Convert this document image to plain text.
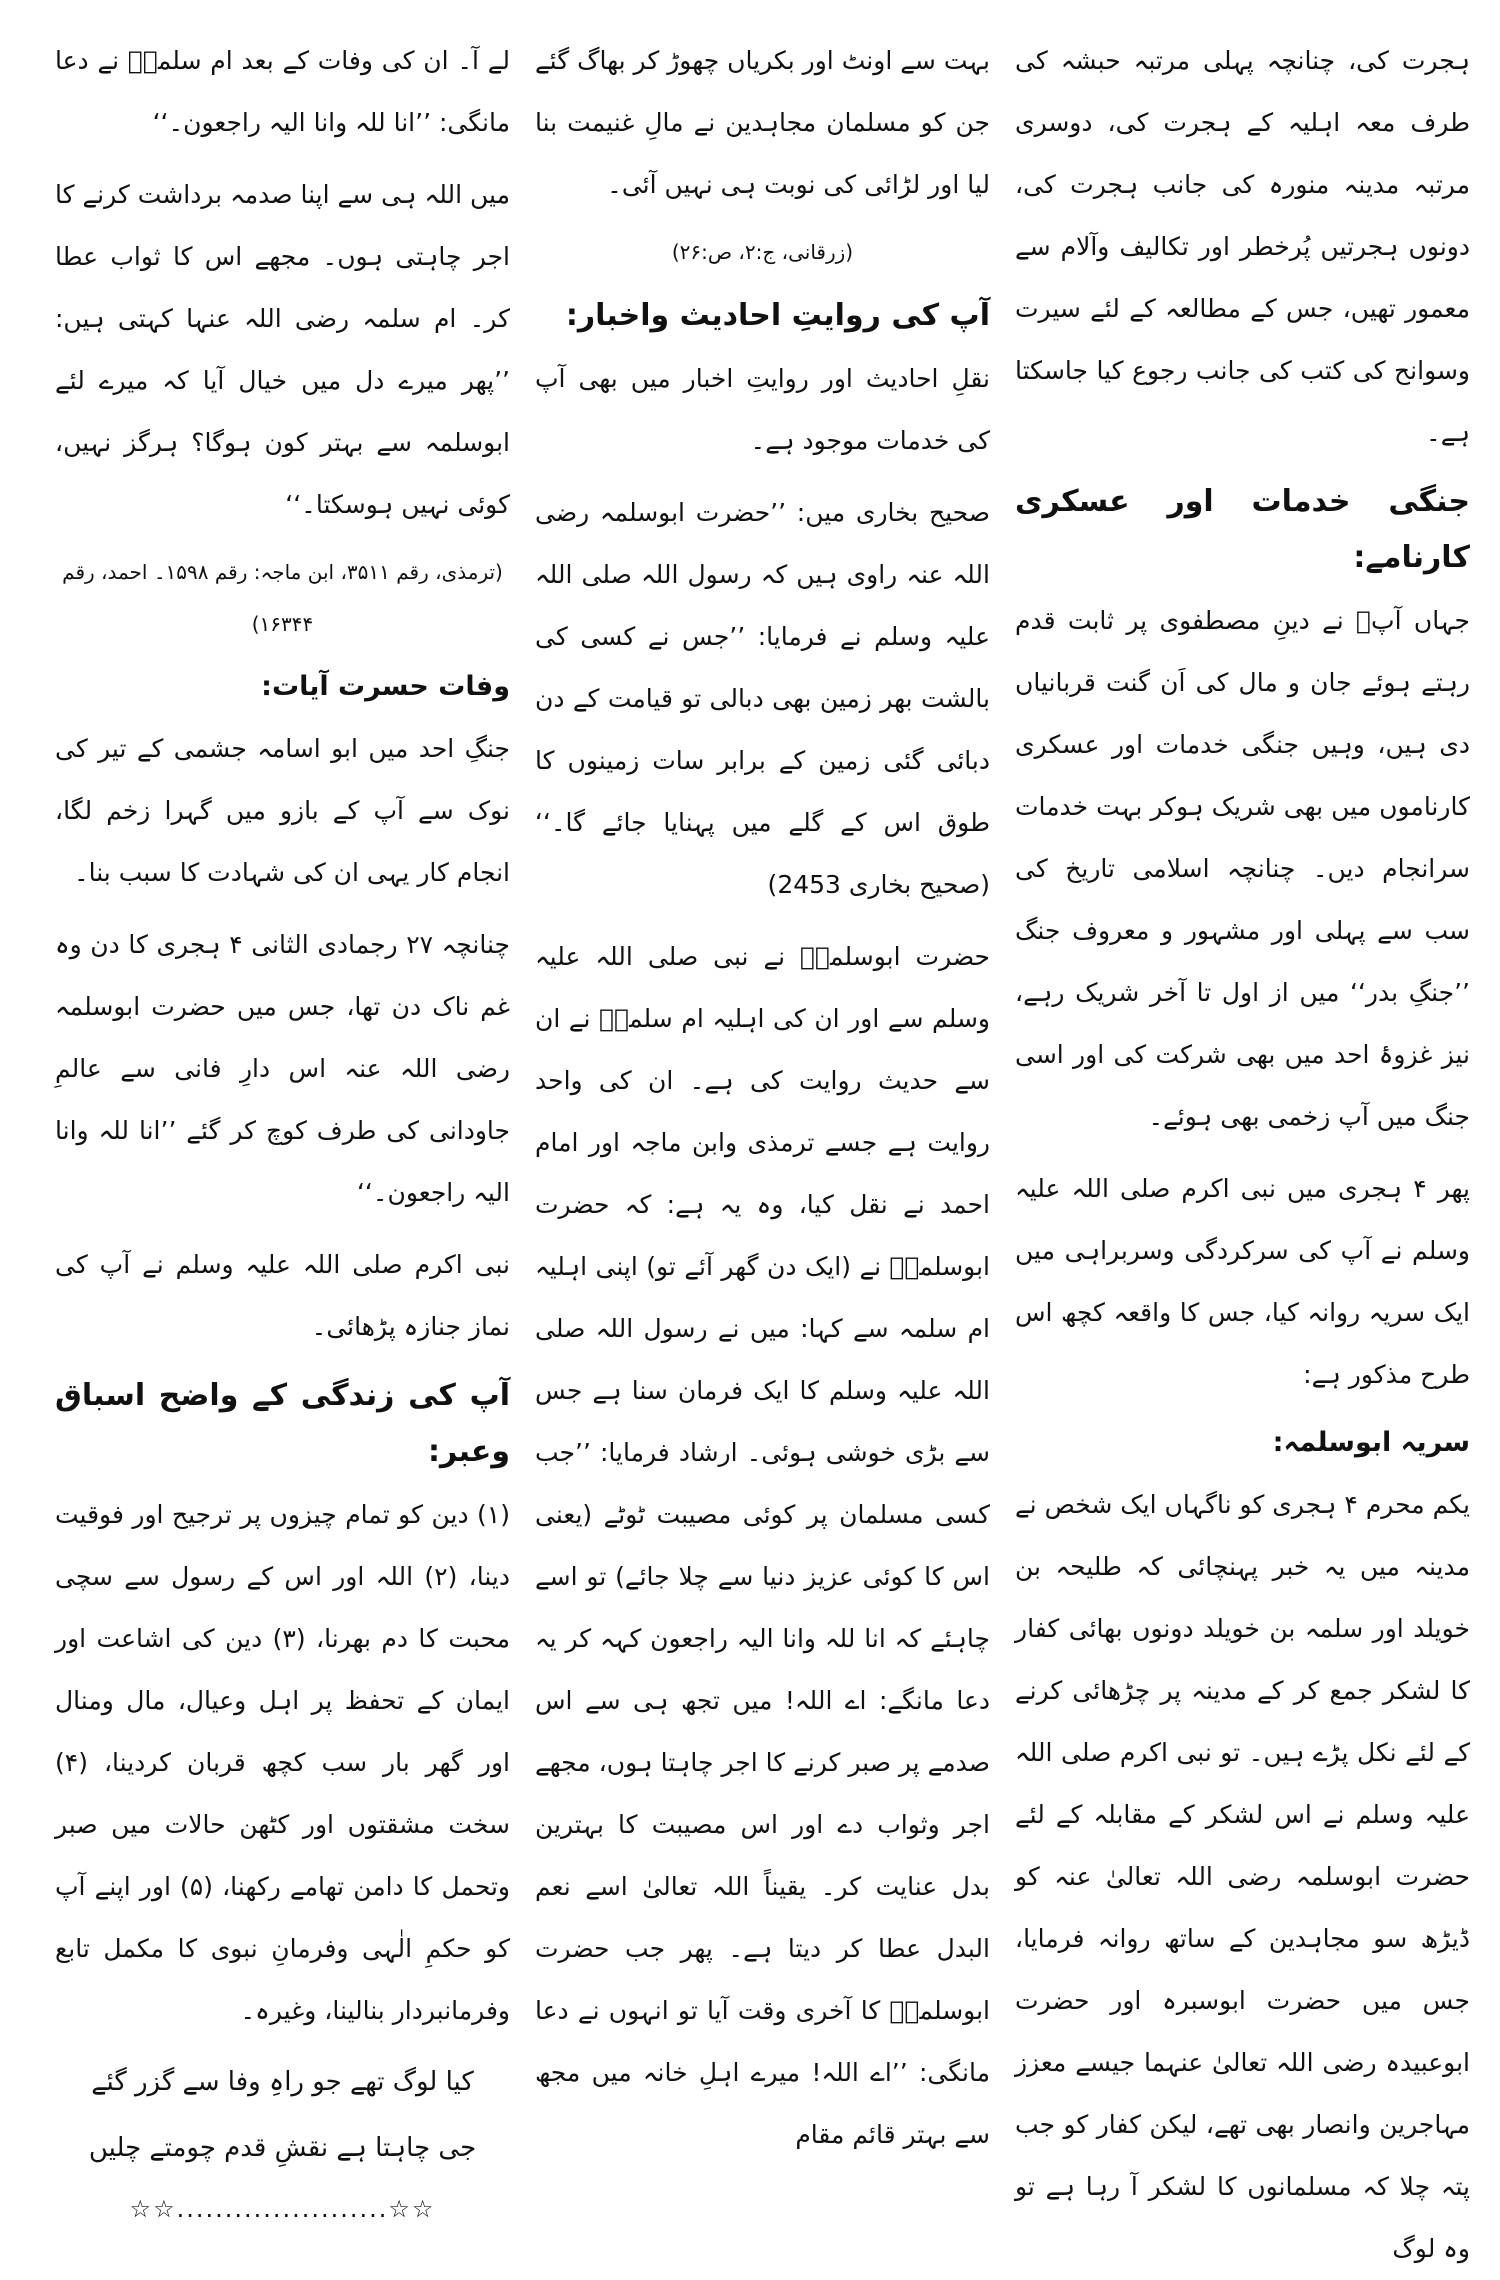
ہجرت کی، چنانچہ پہلی مرتبہ حبشہ کی طرف معہ اہلیہ کے ہجرت کی، دوسری مرتبہ مدینہ منورہ کی جانب ہجرت کی، دونوں ہجرتیں پُرخطر اور تکالیف وآلام سے معمور تھیں، جس کے مطالعہ کے لئے سیرت وسوانح کی کتب کی جانب رجوع کیا جاسکتا ہے۔

جنگی خدمات اور عسکری کارنامے:

جہاں آپؓ نے دینِ مصطفوی پر ثابت قدم رہتے ہوئے جان و مال کی اَن گنت قربانیاں دی ہیں، وہیں جنگی خدمات اور عسکری کارناموں میں بھی شریک ہوکر بہت خدمات سرانجام دیں۔ چنانچہ اسلامی تاریخ کی سب سے پہلی اور مشہور و معروف جنگ ’’جنگِ بدر‘‘ میں از اول تا آخر شریک رہے، نیز غزوۂ احد میں بھی شرکت کی اور اسی جنگ میں آپ زخمی بھی ہوئے۔

پھر ۴ ہجری میں نبی اکرم صلی اللہ علیہ وسلم نے آپ کی سرکردگی وسربراہی میں ایک سریہ روانہ کیا، جس کا واقعہ کچھ اس طرح مذکور ہے:

سریہ ابوسلمہ:

یکم محرم ۴ ہجری کو ناگہاں ایک شخص نے مدینہ میں یہ خبر پہنچائی کہ طلیحہ بن خویلد اور سلمہ بن خویلد دونوں بھائی کفار کا لشکر جمع کر کے مدینہ پر چڑھائی کرنے کے لئے نکل پڑے ہیں۔ تو نبی اکرم صلی اللہ علیہ وسلم نے اس لشکر کے مقابلہ کے لئے حضرت ابوسلمہ رضی اللہ تعالیٰ عنہ کو ڈیڑھ سو مجاہدین کے ساتھ روانہ فرمایا، جس میں حضرت ابوسبرہ اور حضرت ابوعبیدہ رضی اللہ تعالیٰ عنہما جیسے معزز مہاجرین وانصار بھی تھے، لیکن کفار کو جب پتہ چلا کہ مسلمانوں کا لشکر آ رہا ہے تو وہ لوگ

بہت سے اونٹ اور بکریاں چھوڑ کر بھاگ گئے جن کو مسلمان مجاہدین نے مالِ غنیمت بنا لیا اور لڑائی کی نوبت ہی نہیں آئی۔

(زرقانی، ج:۲، ص:۲۶)

آپ کی روایتِ احادیث واخبار:

نقلِ احادیث اور روایتِ اخبار میں بھی آپ کی خدمات موجود ہے۔

صحیح بخاری میں: ’’حضرت ابوسلمہ رضی اللہ عنہ راوی ہیں کہ رسول اللہ صلی اللہ علیہ وسلم نے فرمایا: ’’جس نے کسی کی بالشت بھر زمین بھی دبالی تو قیامت کے دن دبائی گئی زمین کے برابر سات زمینوں کا طوق اس کے گلے میں پہنایا جائے گا۔‘‘ (صحیح بخاری 2453)

حضرت ابوسلمہؓ نے نبی صلی اللہ علیہ وسلم سے اور ان کی اہلیہ ام سلمہؓ نے ان سے حدیث روایت کی ہے۔ ان کی واحد روایت ہے جسے ترمذی وابن ماجہ اور امام احمد نے نقل کیا، وہ یہ ہے: کہ حضرت ابوسلمہؓ نے (ایک دن گھر آئے تو) اپنی اہلیہ ام سلمہ سے کہا: میں نے رسول اللہ صلی اللہ علیہ وسلم کا ایک فرمان سنا ہے جس سے بڑی خوشی ہوئی۔ ارشاد فرمایا: ’’جب کسی مسلمان پر کوئی مصیبت ٹوٹے (یعنی اس کا کوئی عزیز دنیا سے چلا جائے) تو اسے چاہئے کہ انا للہ وانا الیہ راجعون کہہ کر یہ دعا مانگے: اے اللہ! میں تجھ ہی سے اس صدمے پر صبر کرنے کا اجر چاہتا ہوں، مجھے اجر وثواب دے اور اس مصیبت کا بہترین بدل عنایت کر۔ یقیناً اللہ تعالیٰ اسے نعم البدل عطا کر دیتا ہے۔ پھر جب حضرت ابوسلمہؓ کا آخری وقت آیا تو انہوں نے دعا مانگی: ’’اے اللہ! میرے اہلِ خانہ میں مجھ سے بہتر قائم مقام

لے آ۔ ان کی وفات کے بعد ام سلمہؓ نے دعا مانگی: ’’انا للہ وانا الیہ راجعون۔‘‘

میں اللہ ہی سے اپنا صدمہ برداشت کرنے کا اجر چاہتی ہوں۔ مجھے اس کا ثواب عطا کر۔ ام سلمہ رضی اللہ عنہا کہتی ہیں: ’’پھر میرے دل میں خیال آیا کہ میرے لئے ابوسلمہ سے بہتر کون ہوگا؟ ہرگز نہیں، کوئی نہیں ہوسکتا۔‘‘

(ترمذی، رقم ۳۵۱۱، ابن ماجہ: رقم ۱۵۹۸۔ احمد، رقم ۱۶۳۴۴)

وفات حسرت آیات:

جنگِ احد میں ابو اسامہ جشمی کے تیر کی نوک سے آپ کے بازو میں گہرا زخم لگا، انجام کار یہی ان کی شہادت کا سبب بنا۔

چنانچہ ۲۷ رجمادی الثانی ۴ ہجری کا دن وہ غم ناک دن تھا، جس میں حضرت ابوسلمہ رضی اللہ عنہ اس دارِ فانی سے عالمِ جاودانی کی طرف کوچ کر گئے ’’انا للہ وانا الیہ راجعون۔‘‘

نبی اکرم صلی اللہ علیہ وسلم نے آپ کی نماز جنازہ پڑھائی۔

آپ کی زندگی کے واضح اسباق وعبر:

(۱) دین کو تمام چیزوں پر ترجیح اور فوقیت دینا، (۲) اللہ اور اس کے رسول سے سچی محبت کا دم بھرنا، (۳) دین کی اشاعت اور ایمان کے تحفظ پر اہل وعیال، مال ومنال اور گھر بار سب کچھ قربان کردینا، (۴) سخت مشقتوں اور کٹھن حالات میں صبر وتحمل کا دامن تھامے رکھنا، (۵) اور اپنے آپ کو حکمِ الٰہی وفرمانِ نبوی کا مکمل تابع وفرمانبردار بنالینا، وغیرہ۔

کیا لوگ تھے جو راہِ وفا سے گزر گئے

جی چاہتا ہے نقشِ قدم چومتے چلیں

☆☆......................☆☆
